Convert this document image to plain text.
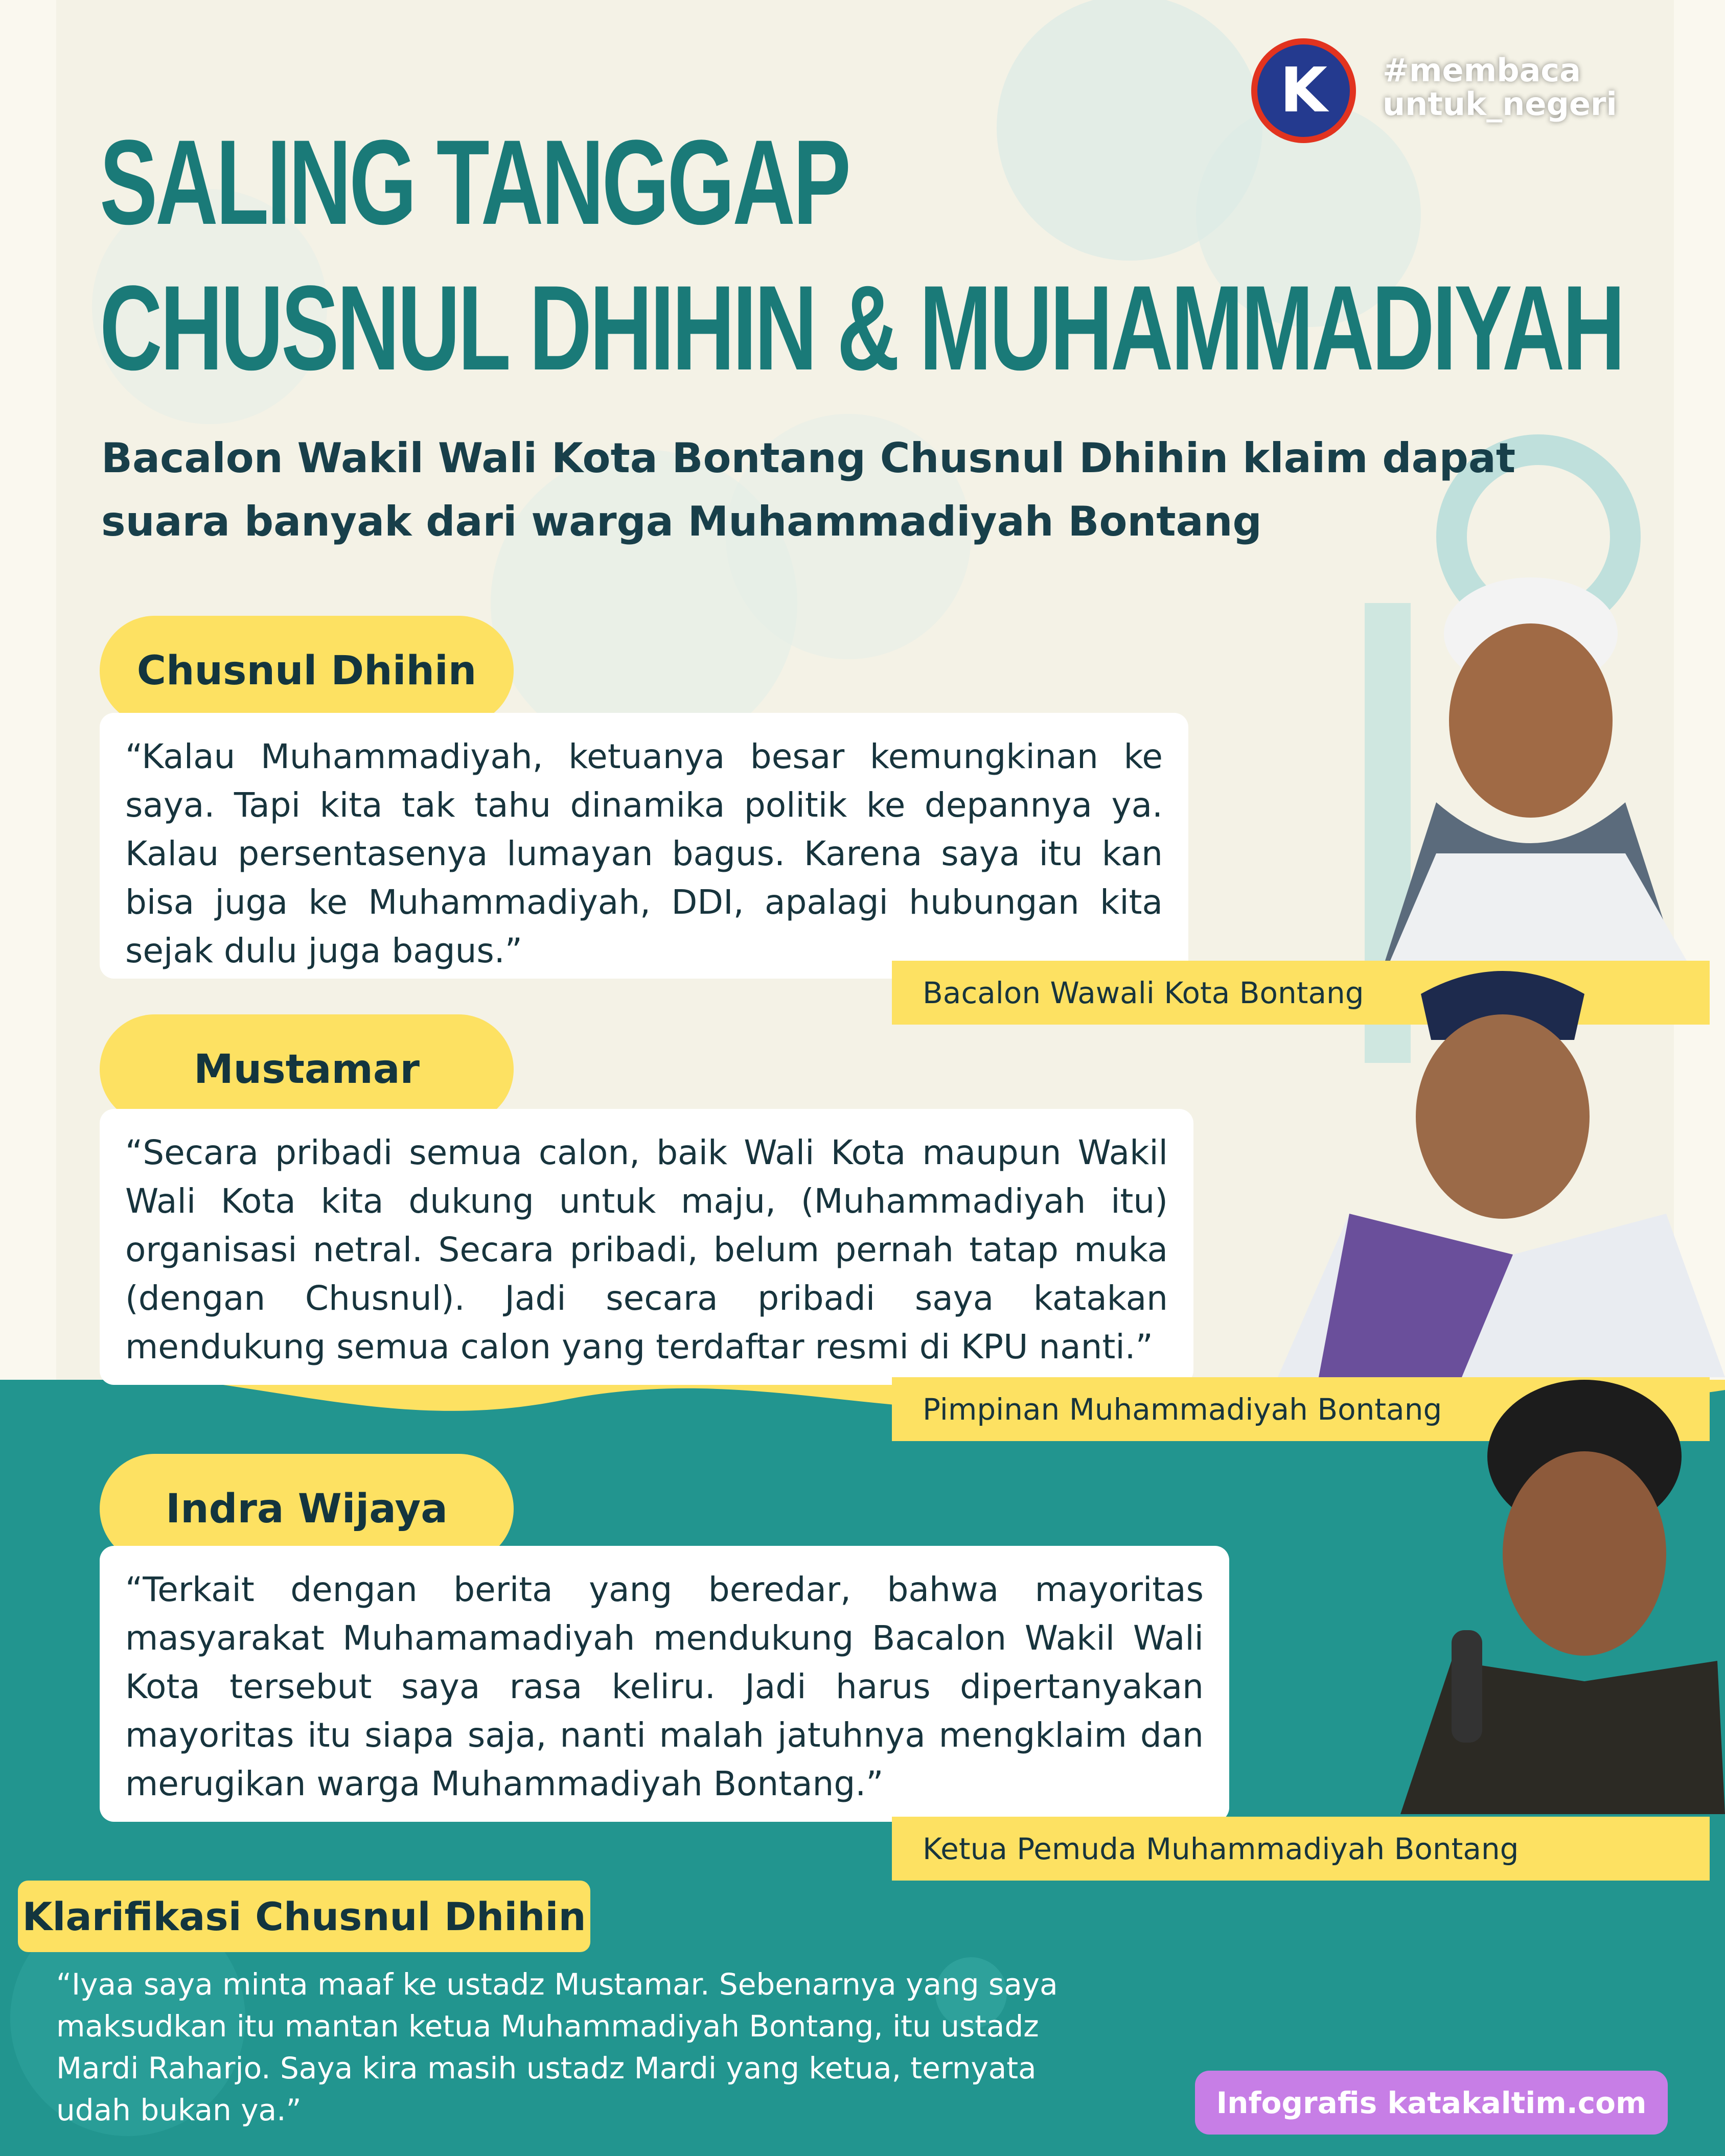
K	#membaca
untuk_negeri
SALING TANGGAP
CHUSNUL DHIHIN & MUHAMMADIYAH
Bacalon Wakil Wali Kota Bontang Chusnul Dhihin klaim dapat suara banyak dari warga Muhammadiyah Bontang
Chusnul Dhihin
“Kalau Muhammadiyah, ketuanya besar kemungkinan ke saya. Tapi kita tak tahu dinamika politik ke depannya ya. Kalau persentasenya lumayan bagus. Karena saya itu kan bisa juga ke Muhammadiyah, DDI, apalagi hubungan kita sejak dulu juga bagus.”
Bacalon Wawali Kota Bontang
Mustamar
“Secara pribadi semua calon, baik Wali Kota maupun Wakil Wali Kota kita dukung untuk maju, (Muhammadiyah itu) organisasi netral. Secara pribadi, belum pernah tatap muka (dengan Chusnul). Jadi secara pribadi saya katakan mendukung semua calon yang terdaftar resmi di KPU nanti.”
Pimpinan Muhammadiyah Bontang
Indra Wijaya
“Terkait dengan berita yang beredar, bahwa mayoritas masyarakat Muhamamadiyah mendukung Bacalon Wakil Wali Kota tersebut saya rasa keliru. Jadi harus dipertanyakan mayoritas itu siapa saja, nanti malah jatuhnya mengklaim dan merugikan warga Muhammadiyah Bontang.”
Ketua Pemuda Muhammadiyah Bontang
Klarifikasi Chusnul Dhihin
“Iyaa saya minta maaf ke ustadz Mustamar. Sebenarnya yang saya maksudkan itu mantan ketua Muhammadiyah Bontang, itu ustadz Mardi Raharjo. Saya kira masih ustadz Mardi yang ketua, ternyata udah bukan ya.”	Infografis katakaltim.com
